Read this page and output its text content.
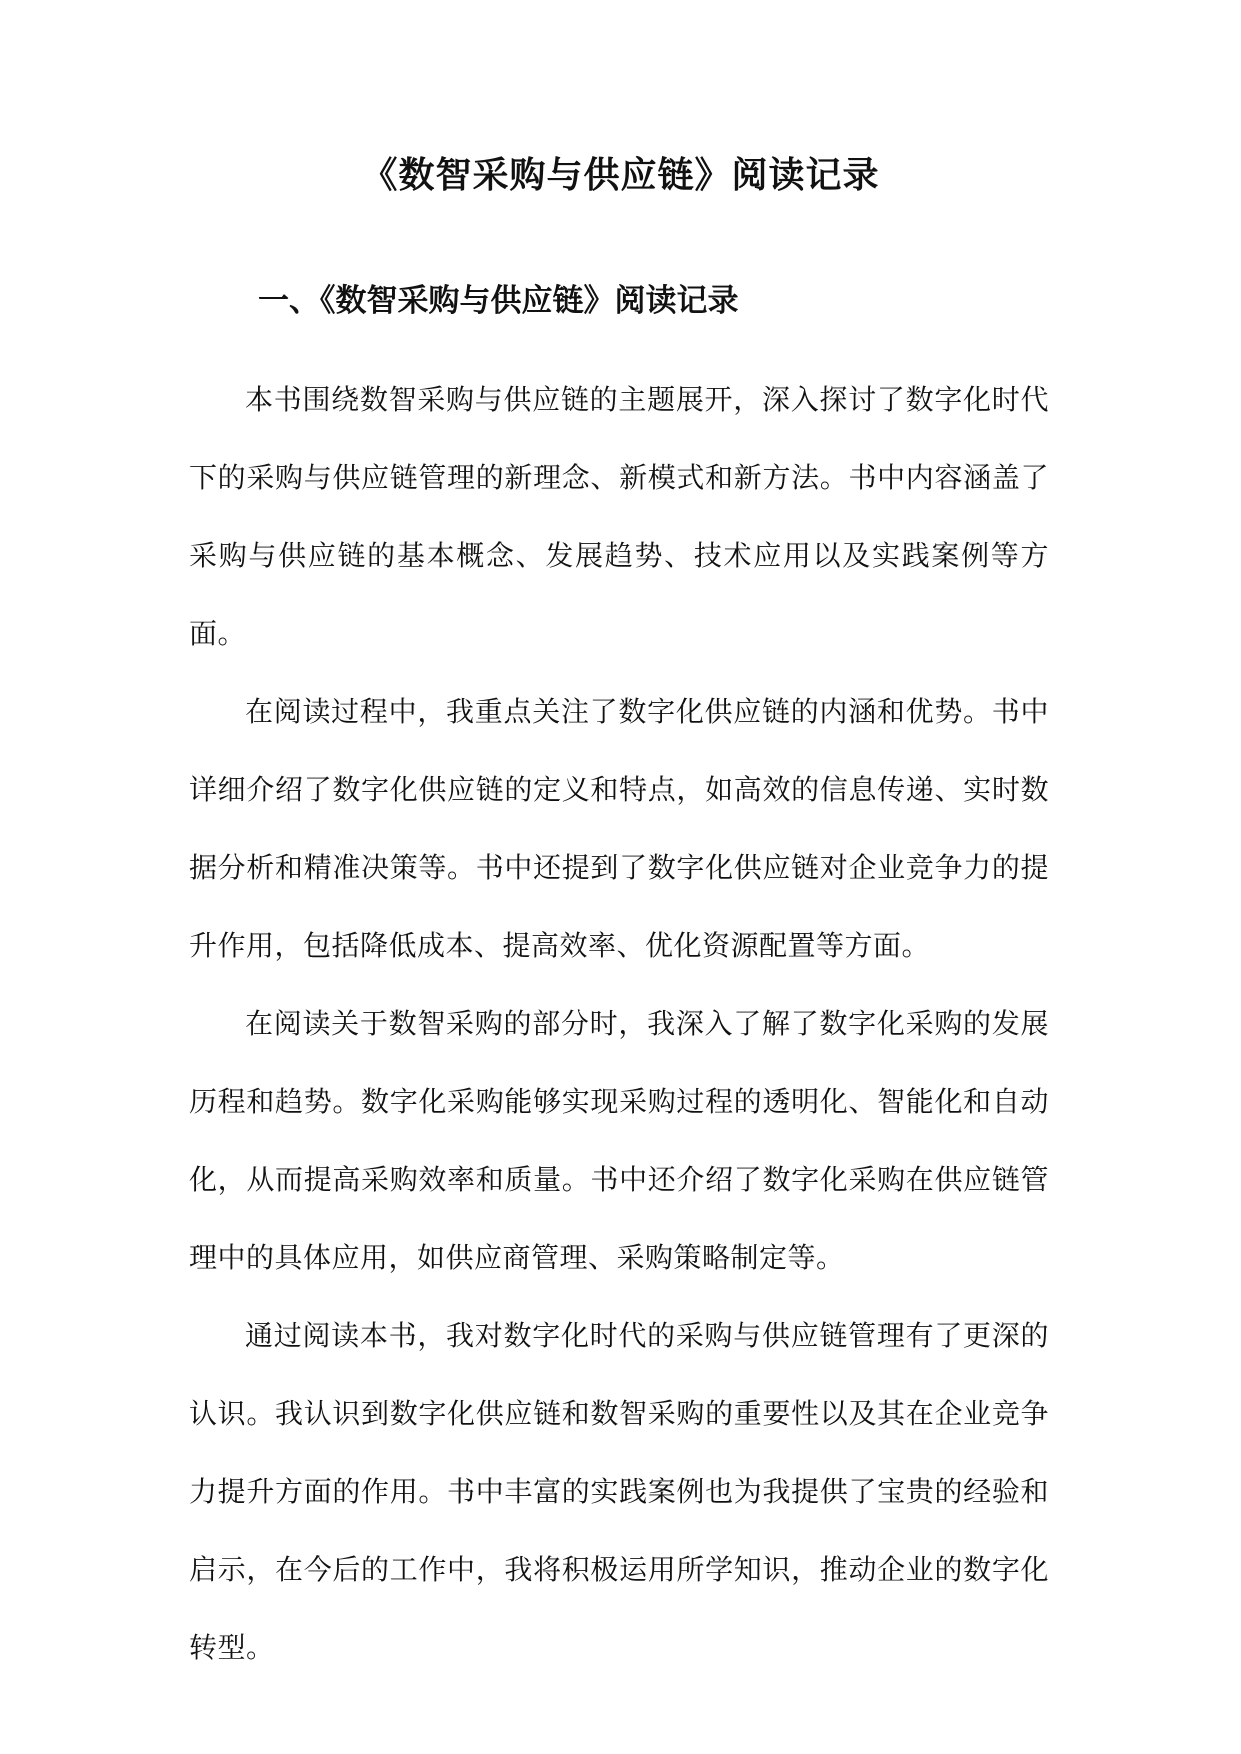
《数智采购与供应链》阅读记录
一、《数智采购与供应链》阅读记录

本书围绕数智采购与供应链的主题展开，深入探讨了数字化时代下的采购与供应链管理的新理念、新模式和新方法。书中内容涵盖了采购与供应链的基本概念、发展趋势、技术应用以及实践案例等方面。

在阅读过程中，我重点关注了数字化供应链的内涵和优势。书中详细介绍了数字化供应链的定义和特点，如高效的信息传递、实时数据分析和精准决策等。书中还提到了数字化供应链对企业竞争力的提升作用，包括降低成本、提高效率、优化资源配置等方面。

在阅读关于数智采购的部分时，我深入了解了数字化采购的发展历程和趋势。数字化采购能够实现采购过程的透明化、智能化和自动化，从而提高采购效率和质量。书中还介绍了数字化采购在供应链管理中的具体应用，如供应商管理、采购策略制定等。

通过阅读本书，我对数字化时代的采购与供应链管理有了更深的认识。我认识到数字化供应链和数智采购的重要性以及其在企业竞争力提升方面的作用。书中丰富的实践案例也为我提供了宝贵的经验和启示，在今后的工作中，我将积极运用所学知识，推动企业的数字化转型。
